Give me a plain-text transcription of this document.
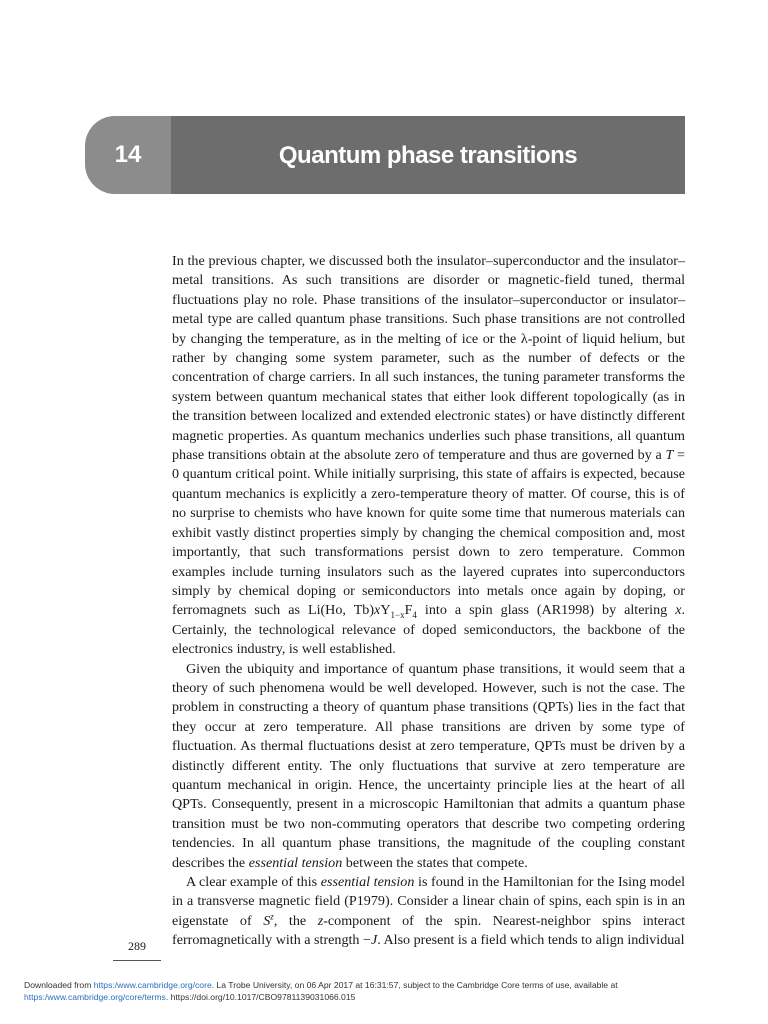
14	Quantum phase transitions

In the previous chapter, we discussed both the insulator–superconductor and the insulator–metal transitions. As such transitions are disorder or magnetic-field tuned, thermal fluctuations play no role. Phase transitions of the insulator–superconductor or insulator–metal type are called quantum phase transitions. Such phase transitions are not controlled by changing the temperature, as in the melting of ice or the λ-point of liquid helium, but rather by changing some system parameter, such as the number of defects or the concentration of charge carriers. In all such instances, the tuning parameter transforms the system between quantum mechanical states that either look different topologically (as in the transition between localized and extended electronic states) or have distinctly different magnetic properties. As quantum mechanics underlies such phase transitions, all quantum phase transitions obtain at the absolute zero of temperature and thus are governed by a T = 0 quantum critical point. While initially surprising, this state of affairs is expected, because quantum mechanics is explicitly a zero-temperature theory of matter. Of course, this is of no surprise to chemists who have known for quite some time that numerous materials can exhibit vastly distinct properties simply by changing the chemical composition and, most importantly, that such transformations persist down to zero temperature. Common examples include turning insulators such as the layered cuprates into superconductors simply by chemical doping or semiconductors into metals once again by doping, or ferromagnets such as Li(Ho, $Tb)xY_{1-x}F_4$ into a spin glass (AR1998) by altering x. Certainly, the technological relevance of doped semiconductors, the backbone of the electronics industry, is well established.

Given the ubiquity and importance of quantum phase transitions, it would seem that a theory of such phenomena would be well developed. However, such is not the case. The problem in constructing a theory of quantum phase transitions (QPTs) lies in the fact that they occur at zero temperature. All phase transitions are driven by some type of fluctuation. As thermal fluctuations desist at zero temperature, QPTs must be driven by a distinctly different entity. The only fluctuations that survive at zero temperature are quantum mechanical in origin. Hence, the uncertainty principle lies at the heart of all QPTs. Consequently, present in a microscopic Hamiltonian that admits a quantum phase transition must be two non-commuting operators that describe two competing ordering tendencies. In all quantum phase transitions, the magnitude of the coupling constant describes the essential tension between the states that compete.

A clear example of this essential tension is found in the Hamiltonian for the Ising model in a transverse magnetic field (P1979). Consider a linear chain of spins, each spin is in an eigenstate of $S^z$, the z-component of the spin. Nearest-neighbor spins interact ferromagnetically with a strength −J. Also present is a field which tends to align individual

289
Downloaded from https:/www.cambridge.org/core. La Trobe University, on 06 Apr 2017 at 16:31:57, subject to the Cambridge Core terms of use, available at
https:/www.cambridge.org/core/terms. https://doi.org/10.1017/CBO9781139031066.015
